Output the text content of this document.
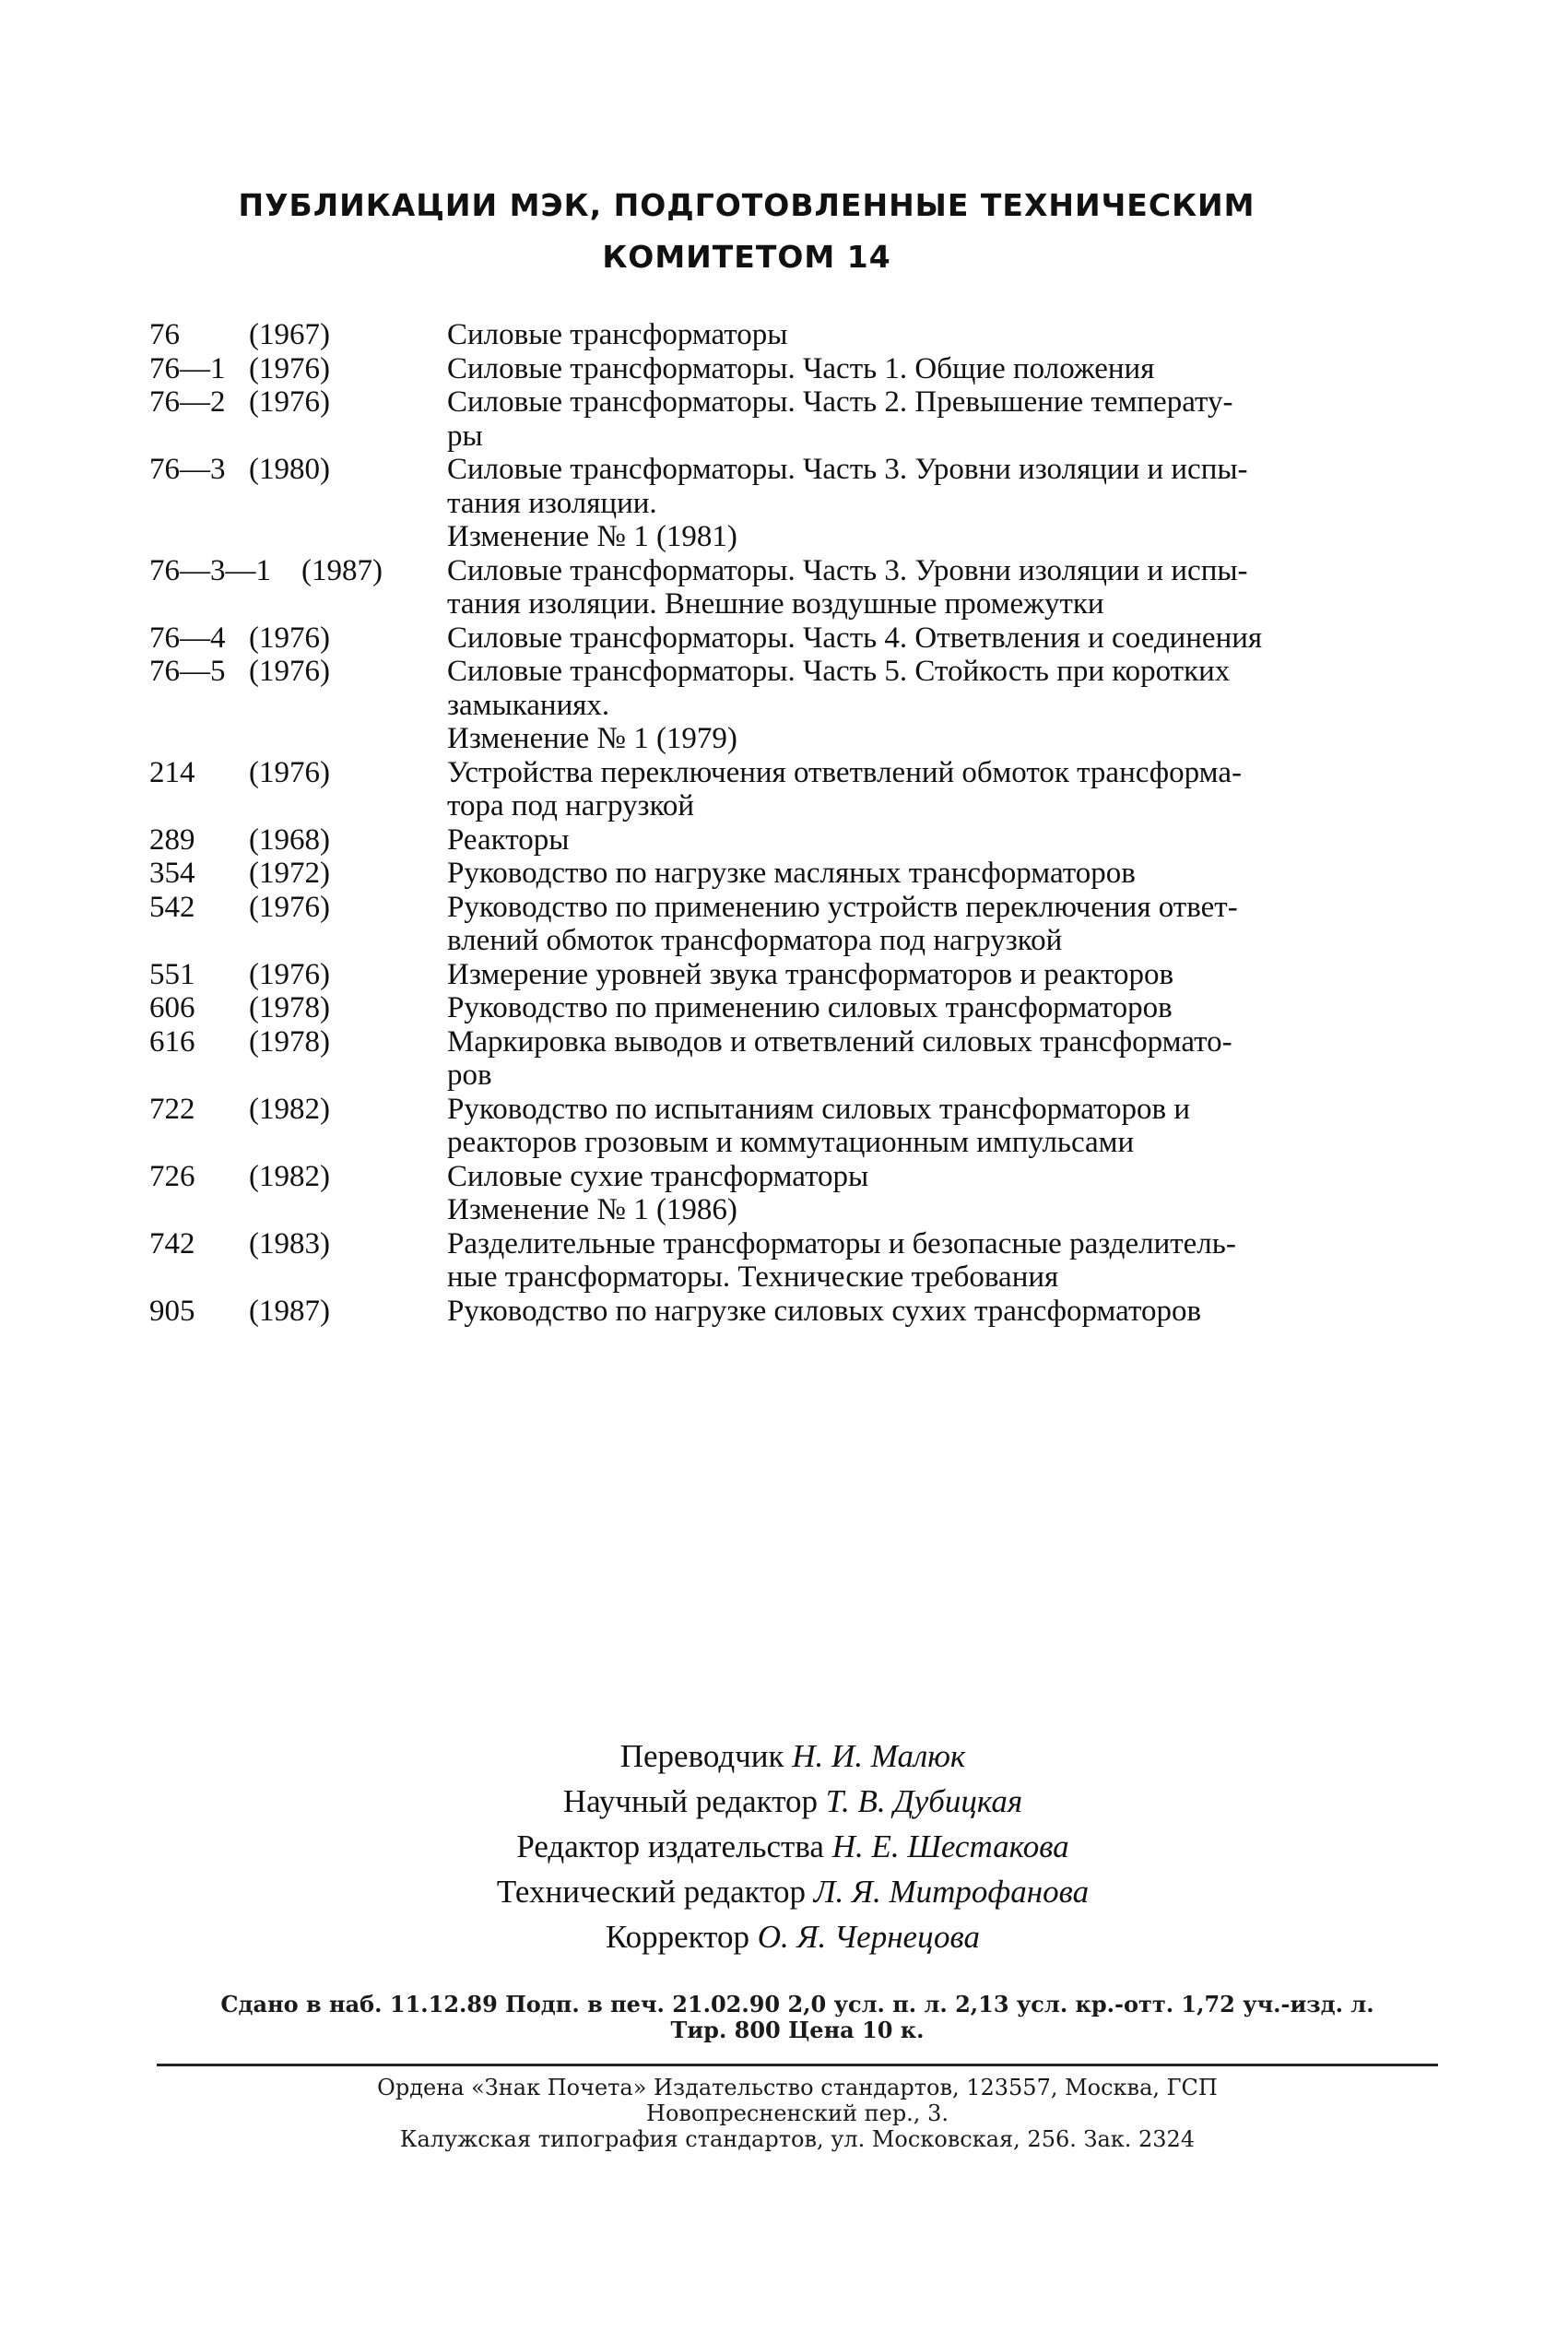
ПУБЛИКАЦИИ МЭК, ПОДГОТОВЛЕННЫЕ ТЕХНИЧЕСКИМ
КОМИТЕТОМ 14
76 (1967)	Силовые трансформаторы
76—1 (1976)	Силовые трансформаторы. Часть 1. Общие положения
76—2 (1976)	Силовые трансформаторы. Часть 2. Превышение температу-
ры
76—3 (1980)	Силовые трансформаторы. Часть 3. Уровни изоляции и испы-
тания изоляции.
Изменение № 1 (1981)
76—3—1 (1987) Силовые трансформаторы. Часть 3. Уровни изоляции и испы-
тания изоляции. Внешние воздушные промежутки
76—4 (1976)	Силовые трансформаторы. Часть 4. Ответвления и соединения
76—5 (1976)	Силовые трансформаторы. Часть 5. Стойкость при коротких
замыканиях.
Изменение № 1 (1979)
214 (1976)	Устройства переключения ответвлений обмоток трансформа-
тора под нагрузкой
289 (1968)	Реакторы
354 (1972)	Руководство по нагрузке масляных трансформаторов
542 (1976)	Руководство по применению устройств переключения ответ-
влений обмоток трансформатора под нагрузкой
551 (1976)	Измерение уровней звука трансформаторов и реакторов
606 (1978)	Руководство по применению силовых трансформаторов
616 (1978)	Маркировка выводов и ответвлений силовых трансформато-
ров
722 (1982)	Руководство по испытаниям силовых трансформаторов и
реакторов грозовым и коммутационным импульсами
726 (1982)	Силовые сухие трансформаторы
Изменение № 1 (1986)
742 (1983)	Разделительные трансформаторы и безопасные разделитель-
ные трансформаторы. Технические требования
905 (1987)	Руководство по нагрузке силовых сухих трансформаторов
Переводчик Н. И. Малюк
Научный редактор Т. В. Дубицкая
Редактор издательства Н. Е. Шестакова
Технический редактор Л. Я. Митрофанова
Корректор О. Я. Чернецова
Сдано в наб. 11.12.89 Подп. в печ. 21.02.90 2,0 усл. п. л. 2,13 усл. кр.-отт. 1,72 уч.-изд. л.
Тир. 800 Цена 10 к.
Ордена «Знак Почета» Издательство стандартов, 123557, Москва, ГСП
Новопресненский пер., 3.
Калужская типография стандартов, ул. Московская, 256. Зак. 2324
